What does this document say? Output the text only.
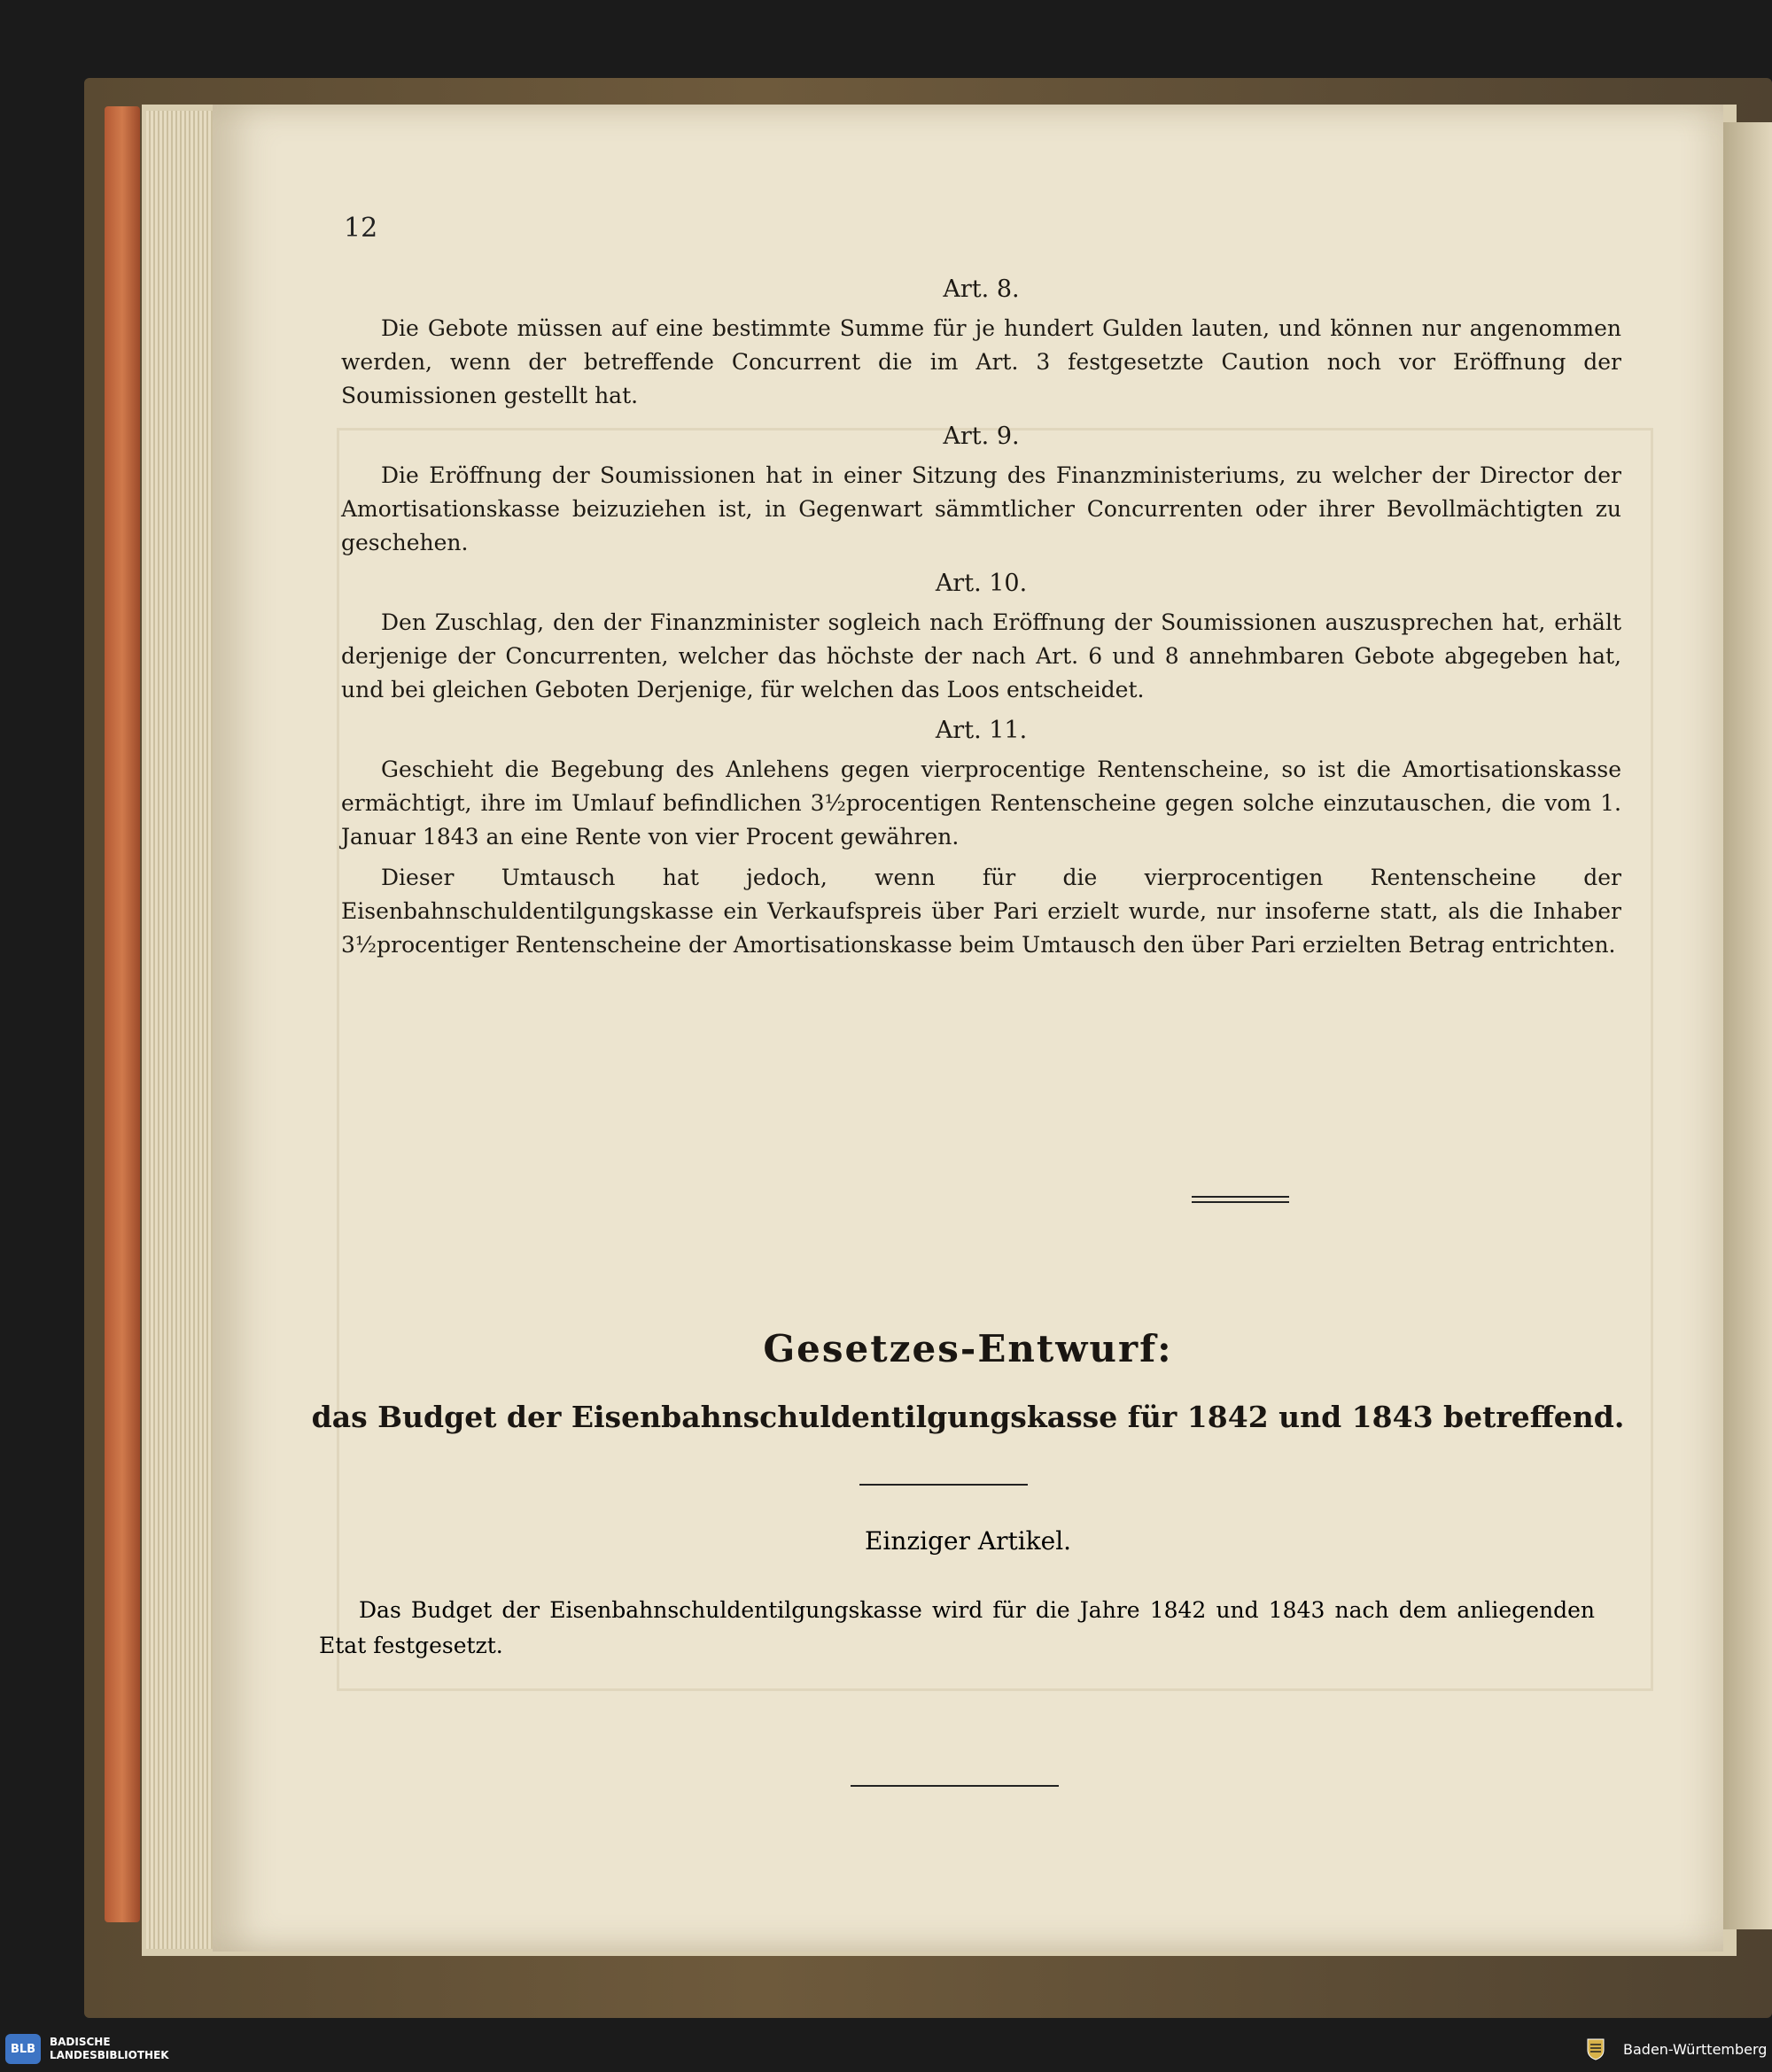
12
Art. 8.

Die Gebote müssen auf eine bestimmte Summe für je hundert Gulden lauten, und können nur angenommen werden, wenn der betreffende Concurrent die im Art. 3 festgesetzte Caution noch vor Eröffnung der Soumissionen gestellt hat.

Art. 9.

Die Eröffnung der Soumissionen hat in einer Sitzung des Finanzministeriums, zu welcher der Director der Amortisationskasse beizuziehen ist, in Gegenwart sämmtlicher Concurrenten oder ihrer Bevollmächtigten zu geschehen.

Art. 10.

Den Zuschlag, den der Finanzminister sogleich nach Eröffnung der Soumissionen auszusprechen hat, erhält derjenige der Concurrenten, welcher das höchste der nach Art. 6 und 8 annehmbaren Gebote abgegeben hat, und bei gleichen Geboten Derjenige, für welchen das Loos entscheidet.

Art. 11.

Geschieht die Begebung des Anlehens gegen vierprocentige Rentenscheine, so ist die Amortisationskasse ermächtigt, ihre im Umlauf befindlichen 3½procentigen Rentenscheine gegen solche einzutauschen, die vom 1. Januar 1843 an eine Rente von vier Procent gewähren.

Dieser Umtausch hat jedoch, wenn für die vierprocentigen Rentenscheine der Eisenbahnschuldentilgungskasse ein Verkaufspreis über Pari erzielt wurde, nur insoferne statt, als die Inhaber 3½procentiger Rentenscheine der Amortisationskasse beim Umtausch den über Pari erzielten Betrag entrichten.

Gesetzes-Entwurf:
das Budget der Eisenbahnschuldentilgungskasse für 1842 und 1843 betreffend.
Einziger Artikel.

Das Budget der Eisenbahnschuldentilgungskasse wird für die Jahre 1842 und 1843 nach dem anliegenden Etat festgesetzt.

BLB
BADISCHE
LANDESBIBLIOTHEK	Baden-Württemberg
